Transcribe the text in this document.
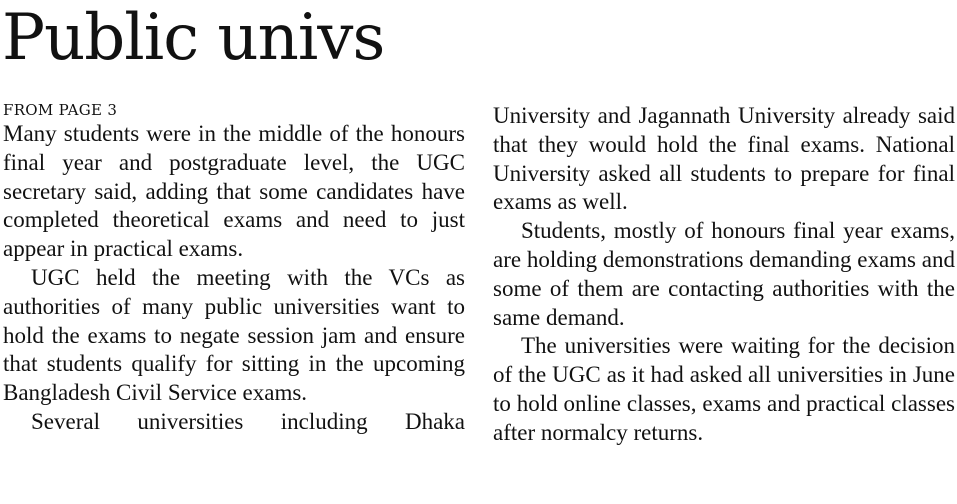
Public univs
FROM PAGE 3

Many students were in the middle of the honours final year and postgraduate level, the UGC secretary said, adding that some candidates have completed theoretical exams and need to just appear in practical exams.

UGC held the meeting with the VCs as authorities of many public universities want to hold the exams to negate session jam and ensure that students qualify for sitting in the upcoming Bangladesh Civil Service exams.

Several universities including Dhaka

University and Jagannath University already said that they would hold the final exams. National University asked all students to prepare for final exams as well.

Students, mostly of honours final year exams, are holding demonstrations demanding exams and some of them are contacting authorities with the same demand.

The universities were waiting for the decision of the UGC as it had asked all universities in June to hold online classes, exams and practical classes after normalcy returns.
